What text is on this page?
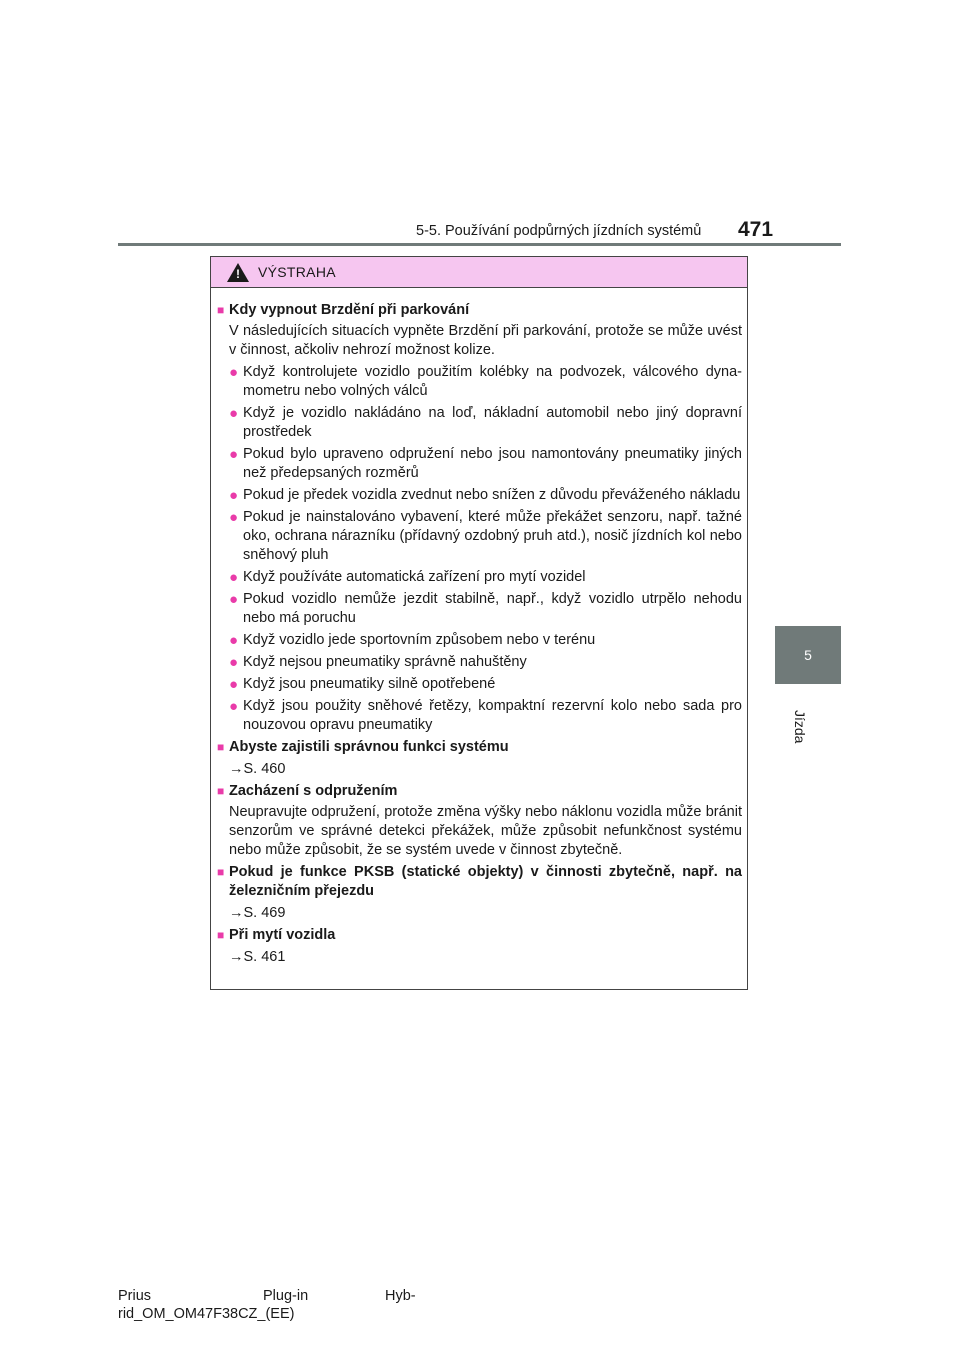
5-5. Používání podpůrných jízdních systémů 471
5
Jízda
! VÝSTRAHA
■ Kdy vypnout Brzdění při parkování
V následujících situacích vypněte Brzdění při parkování, protože se může uvést v činnost, ačkoliv nehrozí možnost kolize.
● Když kontrolujete vozidlo použitím kolébky na podvozek, válcového dynamometru nebo volných válců
● Když je vozidlo nakládáno na loď, nákladní automobil nebo jiný dopravní prostředek
● Pokud bylo upraveno odpružení nebo jsou namontovány pneumatiky jiných než předepsaných rozměrů
● Pokud je předek vozidla zvednut nebo snížen z důvodu převáženého nákladu
● Pokud je nainstalováno vybavení, které může překážet senzoru, např. tažné oko, ochrana nárazníku (přídavný ozdobný pruh atd.), nosič jízdních kol nebo sněhový pluh
● Když používáte automatická zařízení pro mytí vozidel
● Pokud vozidlo nemůže jezdit stabilně, např., když vozidlo utrpělo nehodu nebo má poruchu
● Když vozidlo jede sportovním způsobem nebo v terénu
● Když nejsou pneumatiky správně nahuštěny
● Když jsou pneumatiky silně opotřebené
● Když jsou použity sněhové řetězy, kompaktní rezervní kolo nebo sada pro nouzovou opravu pneumatiky
■ Abyste zajistili správnou funkci systému
→S. 460
■ Zacházení s odpružením
Neupravujte odpružení, protože změna výšky nebo náklonu vozidla může bránit senzorům ve správné detekci překážek, může způsobit nefunkčnost systému nebo může způsobit, že se systém uvede v činnost zbytečně.
■ Pokud je funkce PKSB (statické objekty) v činnosti zbytečně, např. na železničním přejezdu
→S. 469
■ Při mytí vozidla
→S. 461
Prius	Plug-in	Hyb-
rid_OM_OM47F38CZ_(EE)
